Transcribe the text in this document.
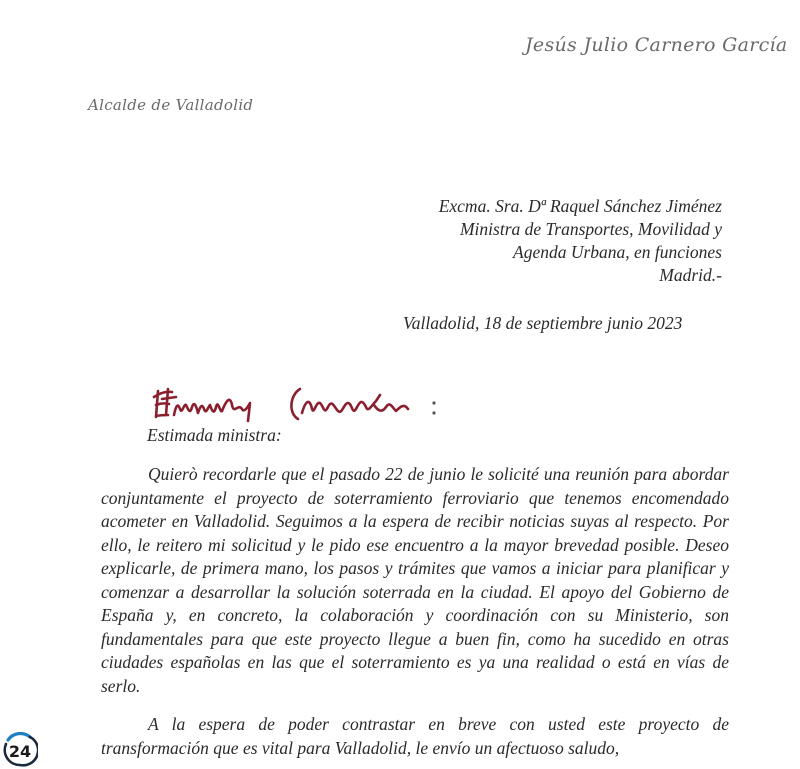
Jesús Julio Carnero García
Alcalde de Valladolid
Excma. Sra. Dª Raquel Sánchez Jiménez
Ministra de Transportes, Movilidad y
Agenda Urbana, en funciones
Madrid.-
Valladolid, 18 de septiembre junio 2023
Estimada ministra:

Quierò recordarle que el pasado 22 de junio le solicité una reunión para abordar conjuntamente el proyecto de soterramiento ferroviario que tenemos encomendado acometer en Valladolid. Seguimos a la espera de recibir noticias suyas al respecto. Por ello, le reitero mi solicitud y le pido ese encuentro a la mayor brevedad posible. Deseo explicarle, de primera mano, los pasos y trámites que vamos a iniciar para planificar y comenzar a desarrollar la solución soterrada en la ciudad. El apoyo del Gobierno de España y, en concreto, la colaboración y coordinación con su Ministerio, son fundamentales para que este proyecto llegue a buen fin, como ha sucedido en otras ciudades españolas en las que el soterramiento es ya una realidad o está en vías de serlo.

A la espera de poder contrastar en breve con usted este proyecto de transformación que es vital para Valladolid, le envío un afectuoso saludo,

24
